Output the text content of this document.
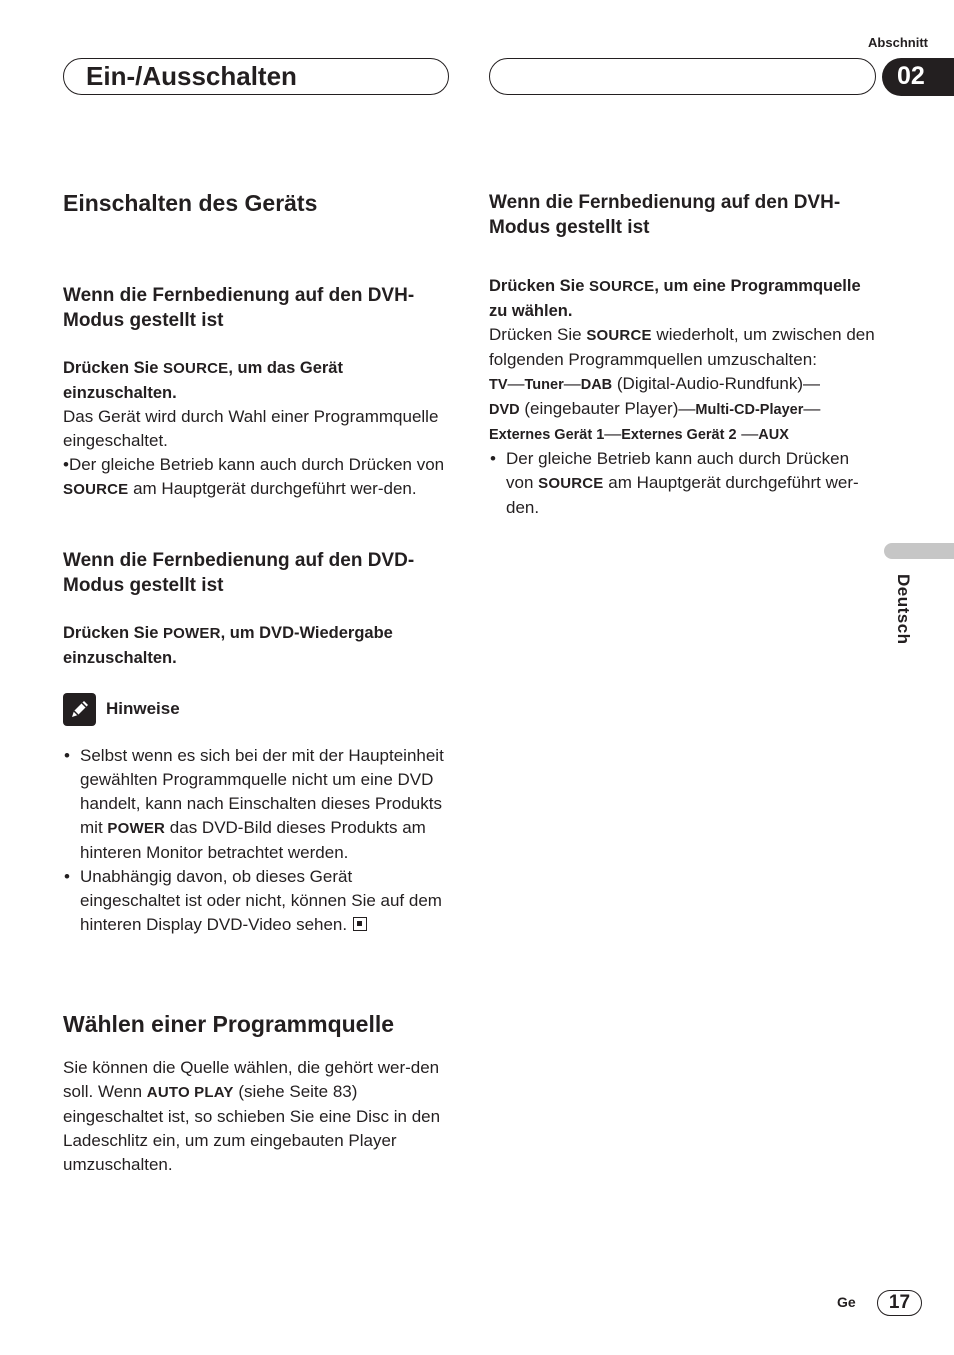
Abschnitt
Ein-/Ausschalten	02
Deutsch
Einschalten des Geräts
Wenn die Fernbedienung auf den DVH-Modus gestellt ist

Drücken Sie SOURCE, um das Gerät einzuschalten.

Das Gerät wird durch Wahl einer Programmquelle eingeschaltet.

•Der gleiche Betrieb kann auch durch Drücken von SOURCE am Hauptgerät durchgeführt wer-den.

Wenn die Fernbedienung auf den DVD-Modus gestellt ist

Drücken Sie POWER, um DVD-Wiedergabe einzuschalten.

Hinweise
• Selbst wenn es sich bei der mit der Haupteinheit gewählten Programmquelle nicht um eine DVD handelt, kann nach Einschalten dieses Produkts mit POWER das DVD-Bild dieses Produkts am hinteren Monitor betrachtet werden.
• Unabhängig davon, ob dieses Gerät eingeschaltet ist oder nicht, können Sie auf dem hinteren Display DVD-Video sehen.
Wählen einer Programmquelle

Sie können die Quelle wählen, die gehört wer-den soll. Wenn AUTO PLAY (siehe Seite 83) eingeschaltet ist, so schieben Sie eine Disc in den Ladeschlitz ein, um zum eingebauten Player umzuschalten.

Wenn die Fernbedienung auf den DVH-Modus gestellt ist

Drücken Sie SOURCE, um eine Programmquelle zu wählen.

Drücken Sie SOURCE wiederholt, um zwischen den folgenden Programmquellen umzuschalten:

TV—Tuner—DAB (Digital-Audio-Rundfunk)—
DVD (eingebauter Player)—Multi-CD-Player—
Externes Gerät 1—Externes Gerät 2 —AUX

• Der gleiche Betrieb kann auch durch Drücken von SOURCE am Hauptgerät durchgeführt wer-den.
Ge	17
